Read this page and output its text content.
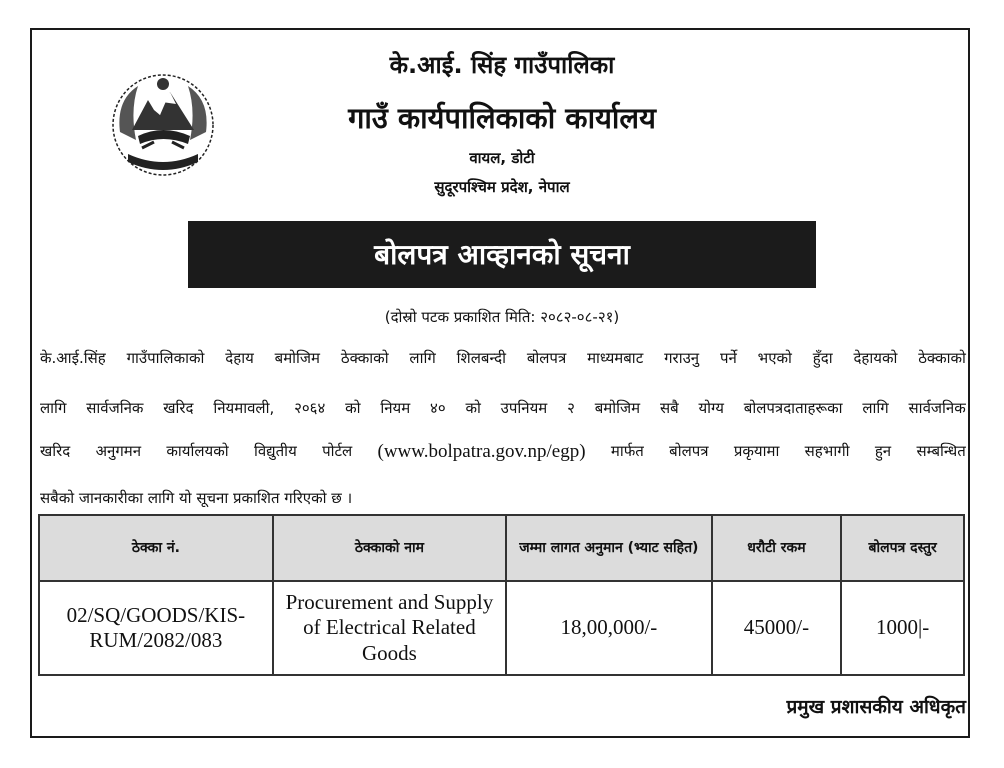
के.आई. सिंह गाउँपालिका
गाउँ कार्यपालिकाको कार्यालय
वायल, डोटी
सुदूरपश्चिम प्रदेश, नेपाल
बोलपत्र आव्हानको सूचना
(दोस्रो पटक प्रकाशित मिति: २०८२-०८-२१)
के.आई.सिंह गाउँपालिकाको देहाय बमोजिम ठेक्काको लागि शिलबन्दी बोलपत्र माध्यमबाट गराउनु पर्ने भएको हुँदा देहायको ठेक्काको
लागि सार्वजनिक खरिद नियमावली, २०६४ को नियम ४० को उपनियम २ बमोजिम सबै योग्य बोलपत्रदाताहरूका लागि सार्वजनिक
खरिद अनुगमन कार्यालयको विद्युतीय पोर्टल (www.bolpatra.gov.np/egp) मार्फत बोलपत्र प्रकृयामा सहभागी हुन सम्बन्धित
सबैको जानकारीका लागि यो सूचना प्रकाशित गरिएको छ ।
ठेक्का नं.	ठेक्काको नाम	जम्मा लागत अनुमान (भ्याट सहित)	धरौटी रकम	बोलपत्र दस्तुर
02/SQ/GOODS/KIS-RUM/2082/083	Procurement and Supply of Electrical Related Goods	18,00,000/-	45000/-	1000|-
प्रमुख प्रशासकीय अधिकृत
